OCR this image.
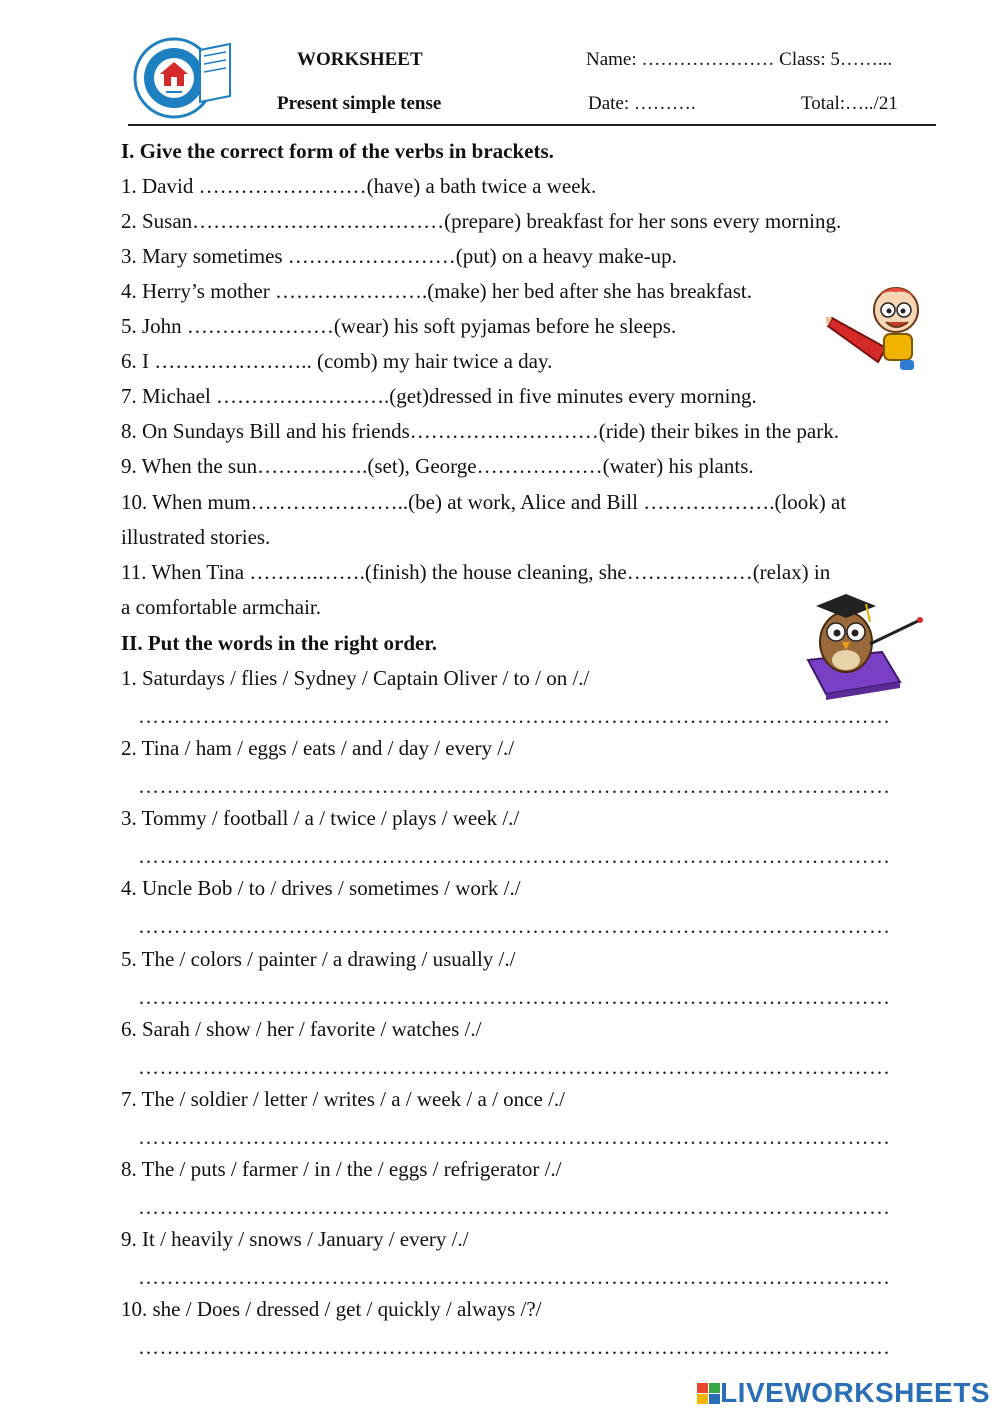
WORKSHEET	Name: ………………… Class: 5……...
Present simple tense	Date: ……….	Total:…../21
I. Give the correct form of the verbs in brackets.
1. David ……………………(have) a bath twice a week.
2. Susan………………………………(prepare) breakfast for her sons every morning.
3. Mary sometimes ……………………(put) on a heavy make-up.
4. Herry’s mother ………………….(make) her bed after she has breakfast.
5. John …………………(wear) his soft pyjamas before he sleeps.
6. I ………………….. (comb) my hair twice a day.
7. Michael …………………….(get)dressed in five minutes every morning.
8. On Sundays Bill and his friends………………………(ride) their bikes in the park.
9. When the sun…………….(set), George………………(water) his plants.
10. When mum…………………..(be) at work, Alice and Bill ……………….(look) at
illustrated stories.
11. When Tina ……….…….(finish) the house cleaning, she………………(relax) in
a comfortable armchair.
II. Put the words in the right order.
1. Saturdays / flies / Sydney / Captain Oliver / to / on /./
……………………………………………………………………………………………
2. Tina / ham / eggs / eats / and / day / every /./
……………………………………………………………………………………………
3. Tommy / football / a / twice / plays / week /./
……………………………………………………………………………………………
4. Uncle Bob / to / drives / sometimes / work /./
……………………………………………………………………………………………
5. The / colors / painter / a drawing / usually /./
……………………………………………………………………………………………
6. Sarah / show / her / favorite / watches /./
……………………………………………………………………………………………
7. The / soldier / letter / writes / a / week / a / once /./
……………………………………………………………………………………………
8. The / puts / farmer / in / the / eggs / refrigerator /./
……………………………………………………………………………………………
9. It / heavily / snows / January / every /./
……………………………………………………………………………………………
10. she / Does / dressed / get / quickly / always /?/
……………………………………………………………………………………………
LIVEWORKSHEETS
